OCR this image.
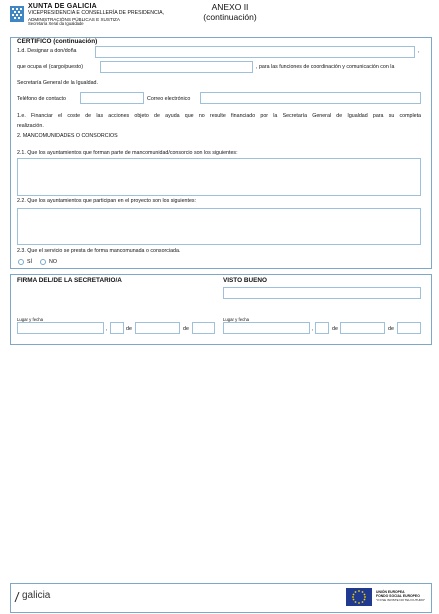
XUNTA DE GALICIA
VICEPRESIDENCIA E CONSELLERÍA DE PRESIDENCIA,
ADMINISTRACIÓNS PÚBLICAS E XUSTIZA
Secretaría Xeral da Igualdade
ANEXO II
(continuación)
CERTIFICO (continuación)
1.d. Designar a don/doña	,
que ocupa el (cargo/puesto)	, para las funciones de coordinación y comunicación con la
Secretaría General de la Igualdad.
Teléfono de contacto	Correo electrónico
1.e. Financiar el coste de las acciones objeto de ayuda que no resulte financiado por la Secretaría General de Igualdad para su completa
realización.
2. MANCOMUNIDADES O CONSORCIOS
2.1. Que los ayuntamientos que forman parte de mancomunidad/consorcio son los siguientes:
2.2. Que los ayuntamientos que participan en el proyecto son los siguientes:
2.3. Que el servicio se presta de forma mancomunada o consorciada.
SÍ	NO
FIRMA DEL/DE LA SECRETARIO/A	VISTO BUENO
Lugar y fecha
,	de	de
Lugar y fecha
,	de	de
galicia	UNIÓN EUROPEA
FONDO SOCIAL EUROPEO
"O FSE INVISTE NO TEU FUTURO"
